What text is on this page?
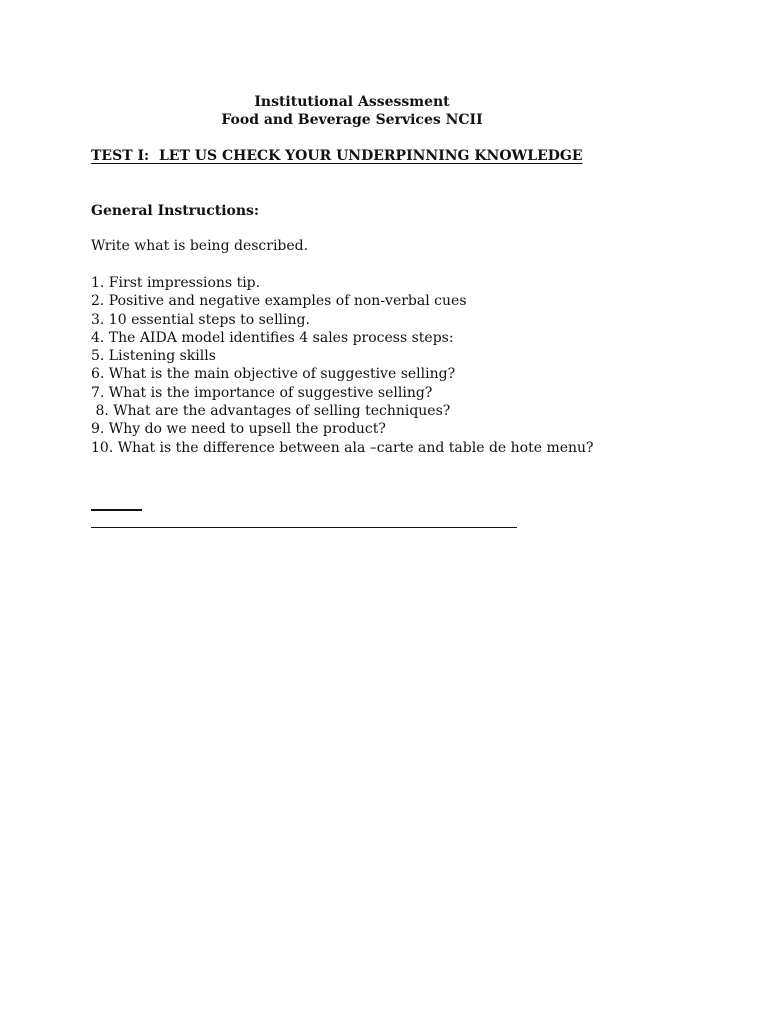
Institutional Assessment
Food and Beverage Services NCII
TEST I:  LET US CHECK YOUR UNDERPINNING KNOWLEDGE
General Instructions:
Write what is being described.
1. First impressions tip.
2. Positive and negative examples of non-verbal cues
3. 10 essential steps to selling.
4. The AIDA model identifies 4 sales process steps:
5. Listening skills
6. What is the main objective of suggestive selling?
7. What is the importance of suggestive selling?
8. What are the advantages of selling techniques?
9. Why do we need to upsell the product?
10. What is the difference between ala –carte and table de hote menu?
